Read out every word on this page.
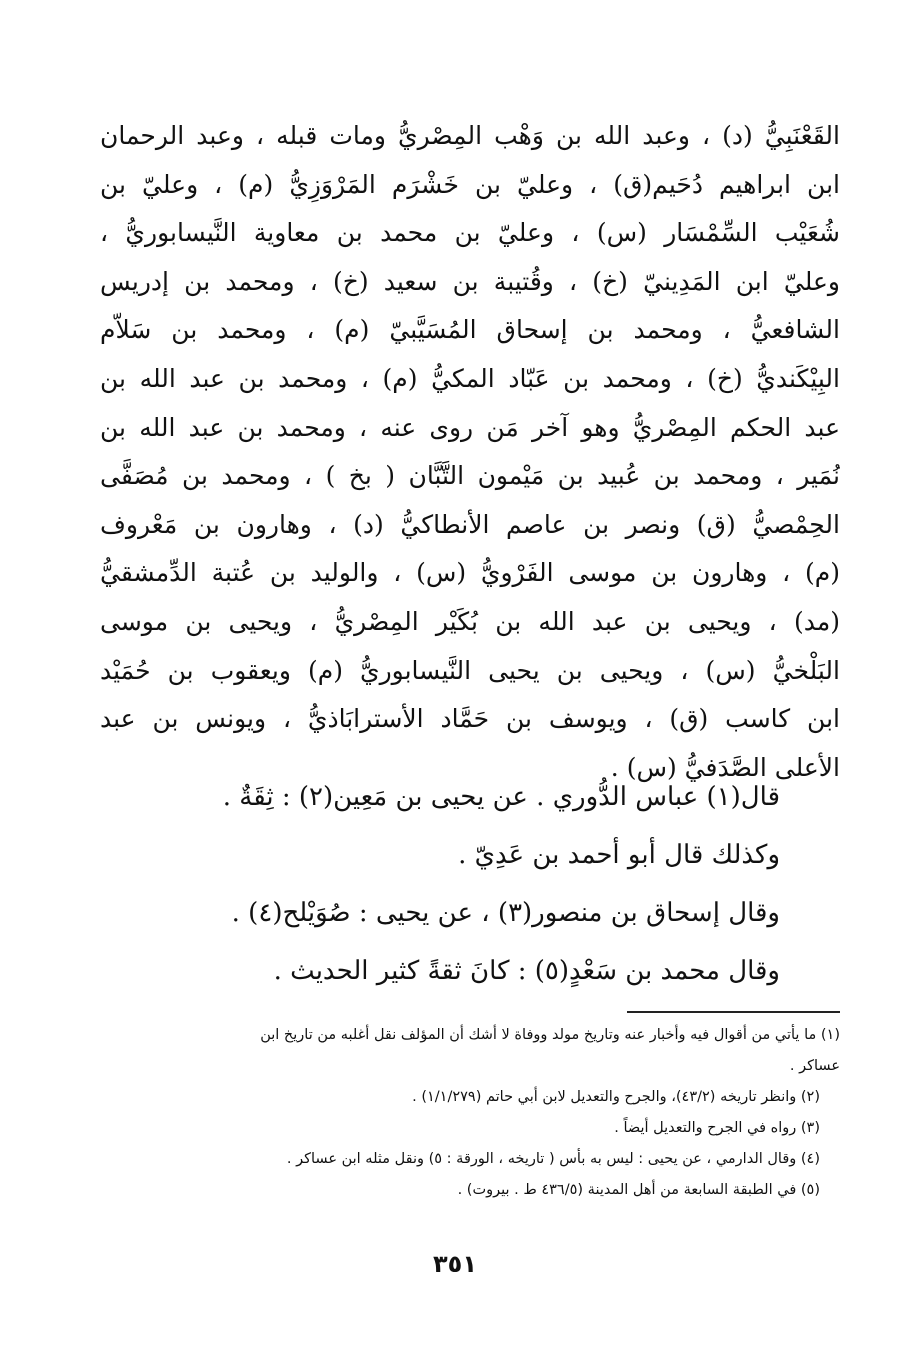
القَعْنَبِيُّ (د) ، وعبد الله بن وَهْب المِصْريُّ ومات قبله ، وعبد الرحمان
ابن ابراهيم دُحَيم(ق) ، وعليّ بن خَشْرَم المَرْوَزِيُّ (م) ، وعليّ بن
شُعَيْب السِّمْسَار (س) ، وعليّ بن محمد بن معاوية النَّيسابوريُّ ،
وعليّ ابن المَدِينيّ (خ) ، وقُتيبة بن سعيد (خ) ، ومحمد بن إدريس
الشافعيُّ ، ومحمد بن إسحاق المُسَيَّبيّ (م) ، ومحمد بن سَلاّم
البِيْكَنديُّ (خ) ، ومحمد بن عَبّاد المكيُّ (م) ، ومحمد بن عبد الله بن
عبد الحكم المِصْريُّ وهو آخر مَن روى عنه ، ومحمد بن عبد الله بن
نُمَير ، ومحمد بن عُبيد بن مَيْمون التَّبَّان ( بخ ) ، ومحمد بن مُصَفَّى
الحِمْصيُّ (ق) ونصر بن عاصم الأنطاكيُّ (د) ، وهارون بن مَعْروف
(م) ، وهارون بن موسى الفَرْويُّ (س) ، والوليد بن عُتبة الدِّمشقيُّ
(مد) ، ويحيى بن عبد الله بن بُكَيْر المِصْريُّ ، ويحيى بن موسى
البَلْخيُّ (س) ، ويحيى بن يحيى النَّيسابوريُّ (م) ويعقوب بن حُمَيْد
ابن كاسب (ق) ، ويوسف بن حَمَّاد الأسترابَاذيُّ ، ويونس بن عبد
الأعلى الصَّدَفيُّ (س) .
قال(١) عباس الدُّوري . عن يحيى بن مَعِين(٢) : ثِقَةٌ .
وكذلك قال أبو أحمد بن عَدِيّ .
وقال إسحاق بن منصور(٣) ، عن يحيى : صُوَيْلح(٤) .
وقال محمد بن سَعْدٍ(٥) : كانَ ثقةً كثير الحديث .
(١) ما يأتي من أقوال فيه وأخبار عنه وتاريخ مولد ووفاة لا أشك أن المؤلف نقل أغلبه من تاريخ ابن
عساكر .
(٢) وانظر تاريخه (٤٣/٢)، والجرح والتعديل لابن أبي حاتم (١/١/٢٧٩) .
(٣) رواه في الجرح والتعديل أيضاً .
(٤) وقال الدارمي ، عن يحيى : ليس به بأس ( تاريخه ، الورقة : ٥) ونقل مثله ابن عساكر .
(٥) في الطبقة السابعة من أهل المدينة (٤٣٦/٥ ط . بيروت) .
٣٥١
